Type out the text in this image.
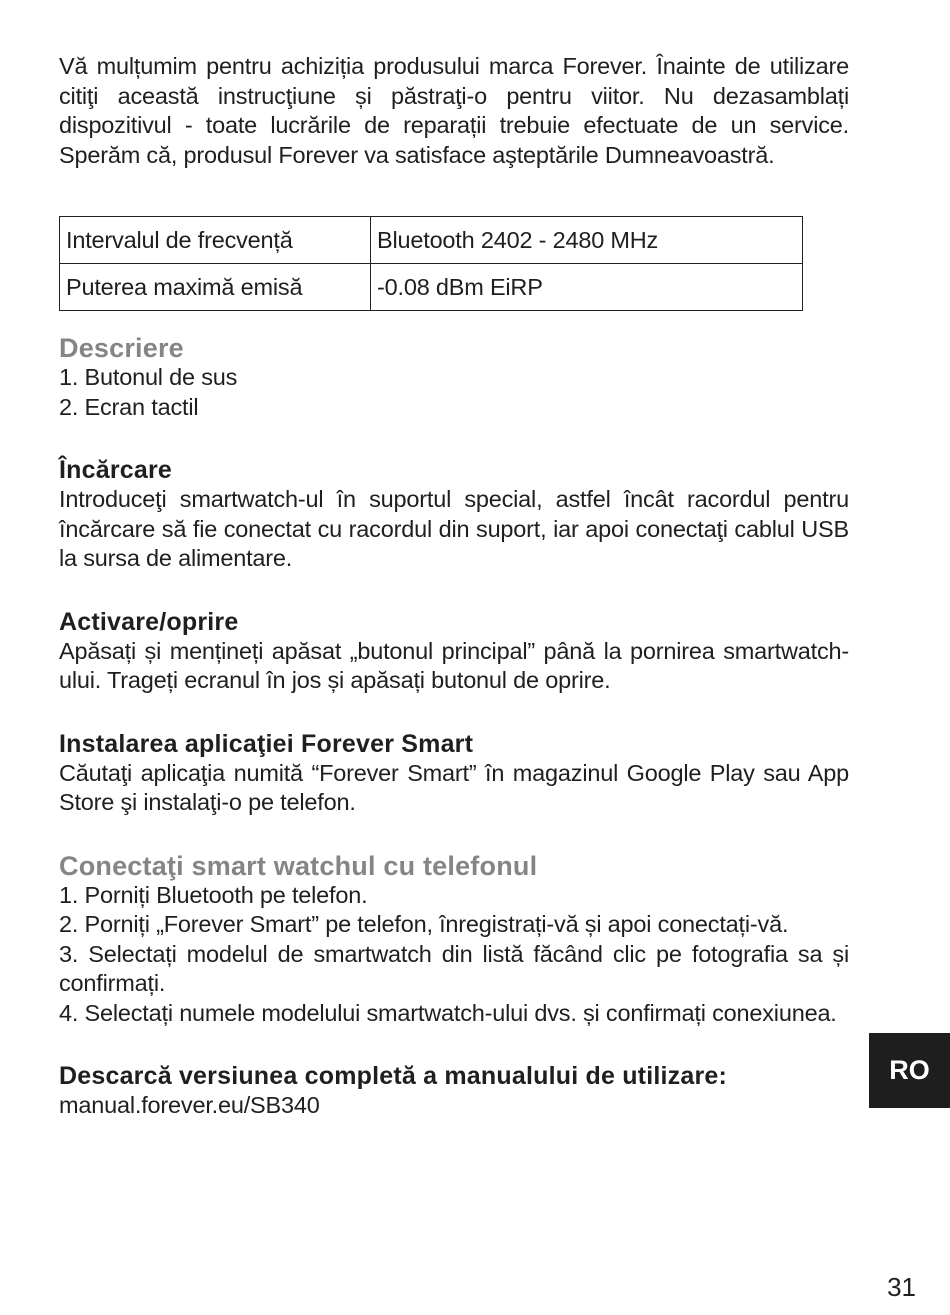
Vă mulțumim pentru achiziția produsului marca Forever. Înainte de utilizare citiţi această instrucţiune și păstraţi-o pentru viitor. Nu dezasamblați dispozitivul - toate lucrările de reparații trebuie efectuate de un service. Sperăm că, produsul Forever va satisface aşteptările Dumneavoastră.

Intervalul de frecvență	Bluetooth 2402 - 2480 MHz
Puterea maximă emisă	-0.08 dBm EiRP
Descriere

1. Butonul de sus

2. Ecran tactil

Încărcare

Introduceţi smartwatch-ul în suportul special, astfel încât racordul pentru încărcare să fie conectat cu racordul din suport, iar apoi conectaţi cablul USB la sursa de alimentare.

Activare/oprire

Apăsați și mențineți apăsat „butonul principal” până la pornirea smartwatch-ului. Trageți ecranul în jos și apăsați butonul de oprire.

Instalarea aplicaţiei Forever Smart

Căutaţi aplicaţia numită “Forever Smart” în magazinul Google Play sau App Store şi instalaţi-o pe telefon.

Conectaţi smart watchul cu telefonul

1. Porniți Bluetooth pe telefon.

2. Porniți „Forever Smart” pe telefon, înregistrați-vă și apoi conectați-vă.

3. Selectați modelul de smartwatch din listă făcând clic pe fotografia sa și confirmați.

4. Selectați numele modelului smartwatch-ului dvs. și confirmați conexiunea.

Descarcă versiunea completă a manualului de utilizare:

manual.forever.eu/SB340

RO
31
